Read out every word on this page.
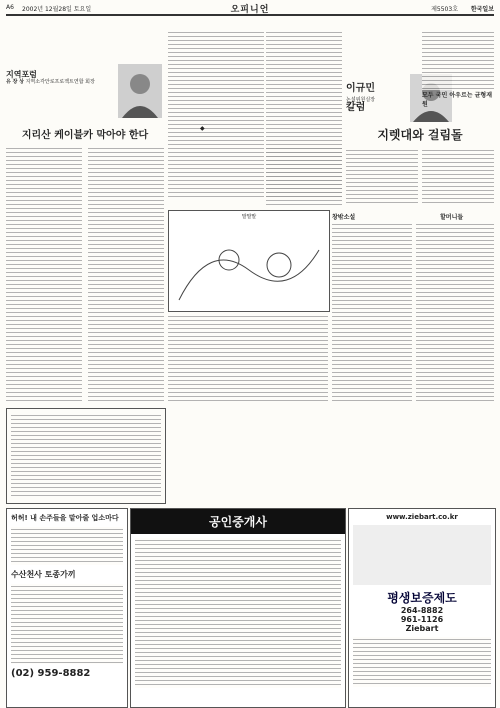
A6 2002년 12월28일 토요일	오피니언	제5503호 한국일보
지역포럼
유 장 상 지역소각안로프로젝트연합 회장
지리산 케이블카 막아야 한다
◆
이규민 칼럼
논설위원실장
지렛대와 걸림돌
모두 국민 아우르는 균형재원
말말말	창밖소설	할머니들
허허! 내 손주들을 맡아줄 업소마다
수산천사 토종가끼
(02) 959-8882
공인중개사	www.ziebart.co.kr
평생보증제도
264-8882
961-1126
Ziebart
